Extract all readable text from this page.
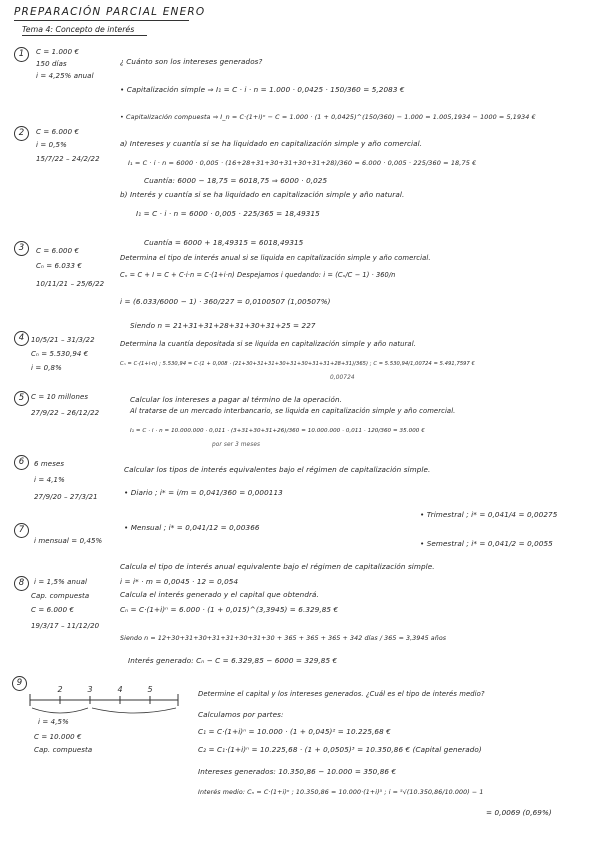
PREPARACIÓN PARCIAL ENERO
Tema 4: Concepto de interés
1	C = 1.000 €
150 días
i = 4,25% anual
¿ Cuánto son los intereses generados?
• Capitalización simple ⇒ I₁ = C · i · n = 1.000 · 0,0425 · 150/360 = 5,2083 €
• Capitalización compuesta ⇒ I_n = C·(1+i)ⁿ − C = 1.000 · (1 + 0,0425)^(150/360) − 1.000 = 1.005,1934 − 1000 = 5,1934 €
2	C = 6.000 €
i = 0,5%
15/7/22 – 24/2/22
a) Intereses y cuantía si se ha liquidado en capitalización simple y año comercial.
I₁ = C · i · n = 6000 · 0,005 · (16+28+31+30+31+30+31+28)/360 = 6.000 · 0,005 · 225/360 = 18,75 €
Cuantía: 6000 − 18,75 = 6018,75 ⇒ 6000 · 0,025
b) Interés y cuantía si se ha liquidado en capitalización simple y año natural.
I₁ = C · i · n = 6000 · 0,005 · 225/365 = 18,49315
Cuantía = 6000 + 18,49315 = 6018,49315
3	C = 6.000 €
Cₙ = 6.033 €
10/11/21 – 25/6/22
Determina el tipo de interés anual si se liquida en capitalización simple y año comercial.
Cₙ = C + I = C + C·i·n = C·(1+i·n) Despejamos i quedando: i = (Cₙ/C − 1) · 360/n
i = (6.033/6000 − 1) · 360/227 = 0,0100507 (1,00507%)
Siendo n = 21+31+31+28+31+30+31+25 = 227
4 10/5/21 – 31/3/22
Cₙ = 5.530,94 €
i = 0,8%
Determina la cuantía depositada si se liquida en capitalización simple y año natural.
Cₙ = C·(1+i·n) ; 5.530,94 = C·(1 + 0,008 · (21+30+31+31+30+31+30+31+31+28+31)/365) ; C = 5.530,94/1,00724 = 5.491,7597 €
0,00724
5 C = 10 millones
27/9/22 – 26/12/22
Calcular los intereses a pagar al término de la operación.
Al tratarse de un mercado interbancario, se liquida en capitalización simple y año comercial.
I₁ = C · i · n = 10.000.000 · 0,011 · (3+31+30+31+26)/360 = 10.000.000 · 0,011 · 120/360 = 35.000 €
por ser 3 meses
6	6 meses
i = 4,1%
27/9/20 – 27/3/21
Calcular los tipos de interés equivalentes bajo el régimen de capitalización simple.
• Diario ; i* = i/m = 0,041/360 = 0,000113
• Trimestral ; i* = 0,041/4 = 0,00275
• Mensual ; i* = 0,041/12 = 0,00366
• Semestral ; i* = 0,041/2 = 0,0055
7
i mensual = 0,45%
Calcula el tipo de interés anual equivalente bajo el régimen de capitalización simple.
i = i* · m = 0,0045 · 12 = 0,054
8	i = 1,5% anual
Cap. compuesta
C = 6.000 €
19/3/17 – 11/12/20
Calcula el interés generado y el capital que obtendrá.
Cₙ = C·(1+i)ⁿ = 6.000 · (1 + 0,015)^(3,3945) = 6.329,85 €
Siendo n = 12+30+31+30+31+31+30+31+30 + 365 + 365 + 365 + 342 días / 365 = 3,3945 años
Interés generado: Cₙ − C = 6.329,85 − 6000 = 329,85 €
9
2	3	4	5
i = 4,5%
C = 10.000 €
Cap. compuesta
Determine el capital y los intereses generados. ¿Cuál es el tipo de interés medio?
Calculamos por partes:
C₁ = C·(1+i)ⁿ = 10.000 · (1 + 0,045)² = 10.225,68 €
C₂ = C₁·(1+i)ⁿ = 10.225,68 · (1 + 0,0505)³ = 10.350,86 € (Capital generado)
Intereses generados: 10.350,86 − 10.000 = 350,86 €
Interés medio: Cₙ = C·(1+i)ⁿ ; 10.350,86 = 10.000·(1+i)⁵ ; i = ⁵√(10.350,86/10.000) − 1
= 0,0069 (0,69%)
